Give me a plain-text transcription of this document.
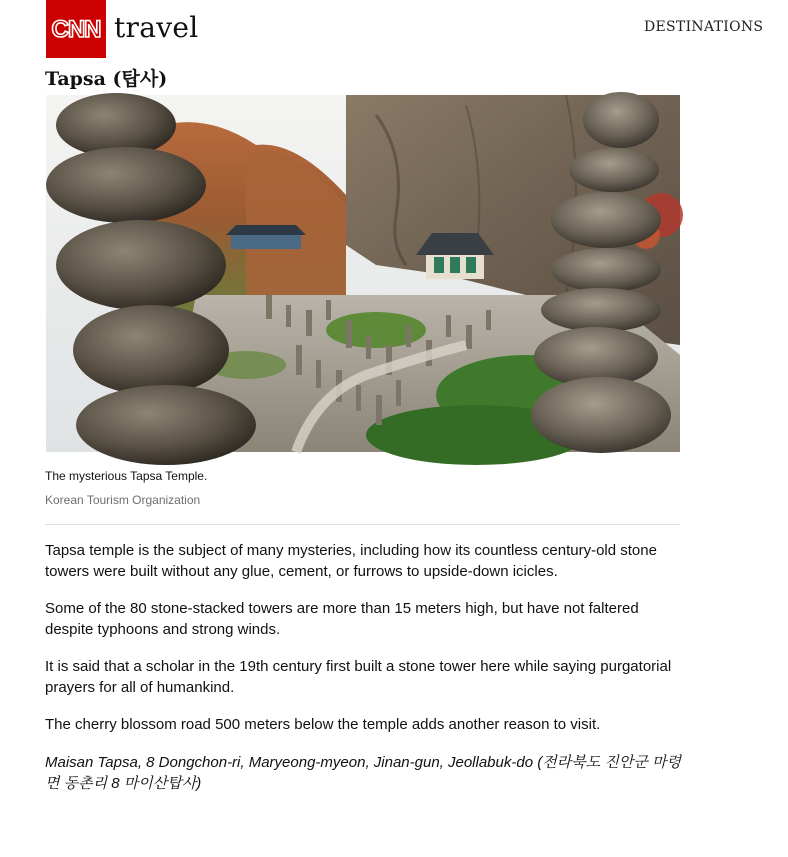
CNN travel	DESTINATIONS
Tapsa (탑사)
The mysterious Tapsa Temple.
Korean Tourism Organization

Tapsa temple is the subject of many mysteries, including how its countless century-old stone towers were built without any glue, cement, or furrows to upside-down icicles.

Some of the 80 stone-stacked towers are more than 15 meters high, but have not faltered despite typhoons and strong winds.

It is said that a scholar in the 19th century first built a stone tower here while saying purgatorial prayers for all of humankind.

The cherry blossom road 500 meters below the temple adds another reason to visit.

Maisan Tapsa, 8 Dongchon-ri, Maryeong-myeon, Jinan-gun, Jeollabuk-do (전라북도 진안군 마령면 동촌리 8 마이산탑사)
